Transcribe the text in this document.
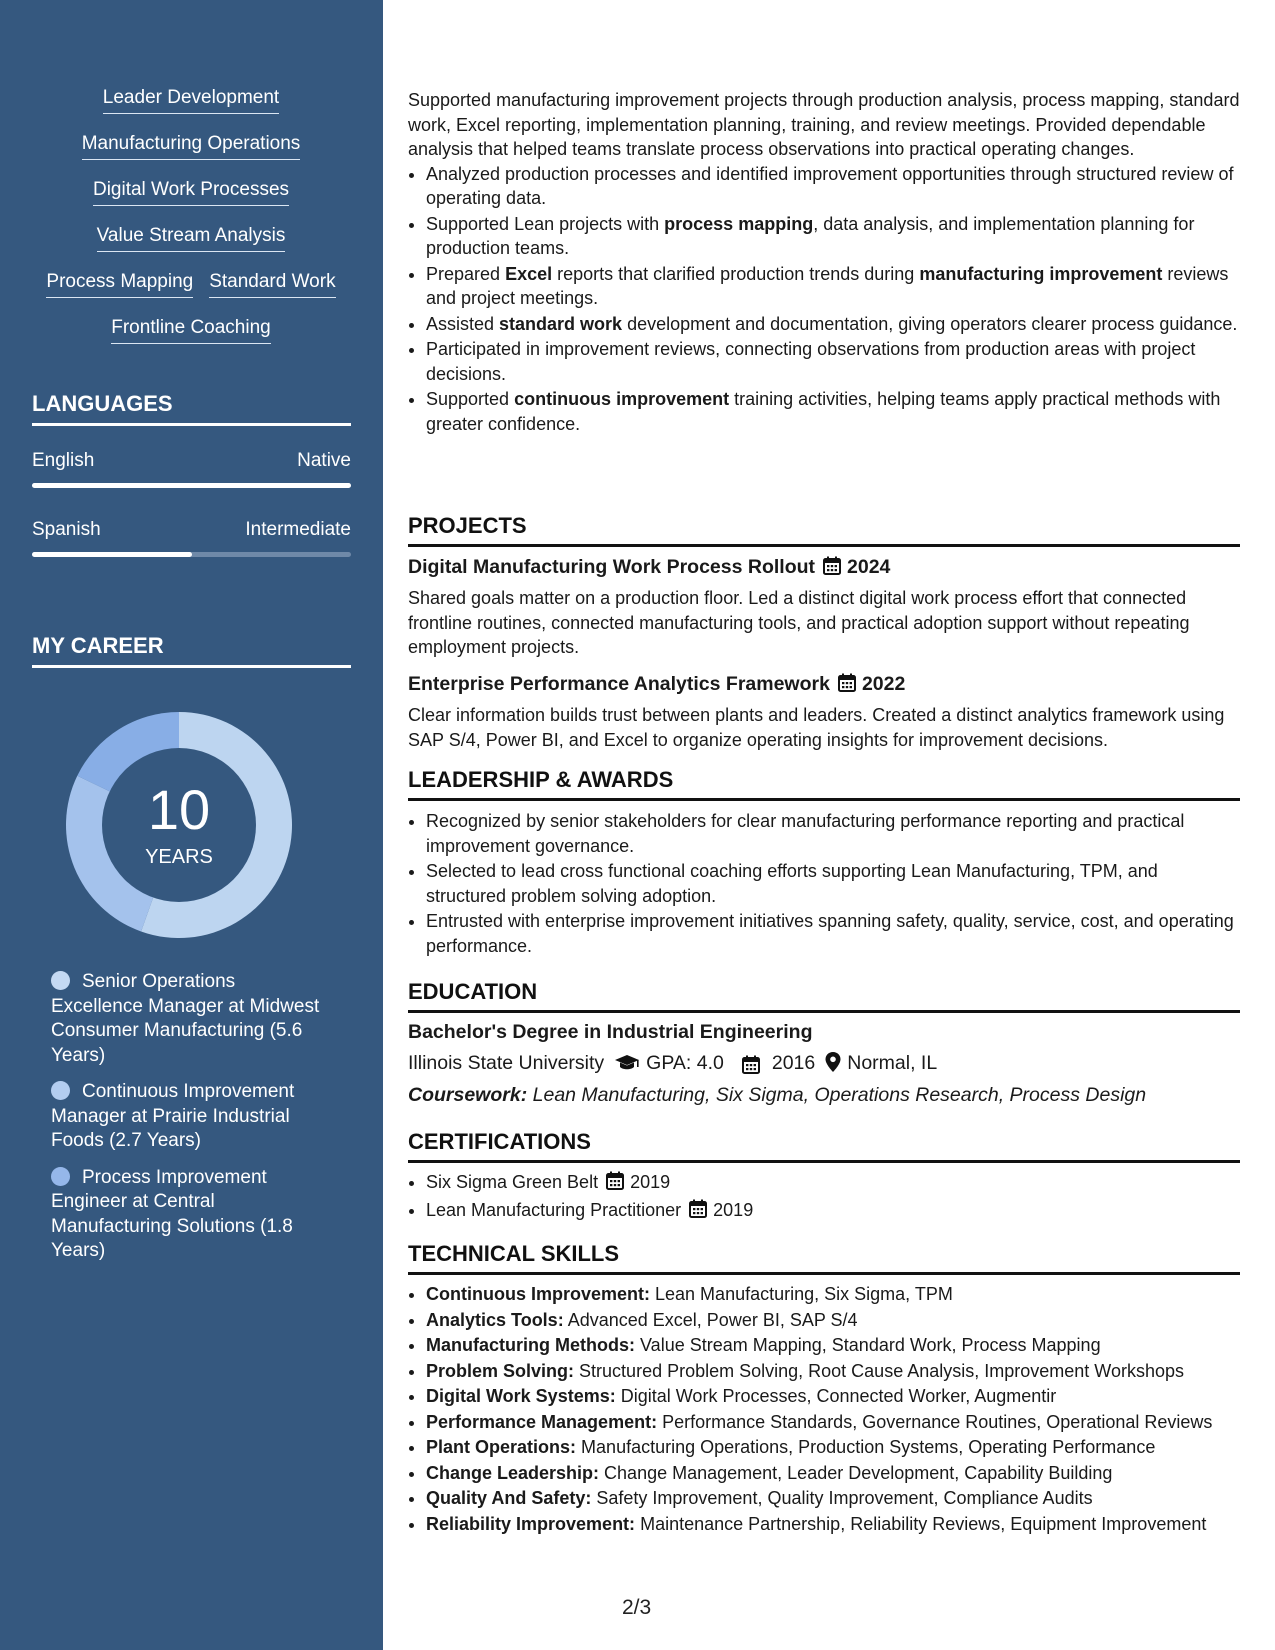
Leader Development
Manufacturing Operations
Digital Work Processes
Value Stream Analysis
Process Mapping Standard Work
Frontline Coaching
LANGUAGES
English	Native
Spanish	Intermediate
MY CAREER
10
YEARS
Senior Operations Excellence Manager at Midwest Consumer Manufacturing (5.6 Years)
Continuous Improvement Manager at Prairie Industrial Foods (2.7 Years)
Process Improvement Engineer at Central Manufacturing Solutions (1.8 Years)
Supported manufacturing improvement projects through production analysis, process mapping, standard work, Excel reporting, implementation planning, training, and review meetings. Provided dependable analysis that helped teams translate process observations into practical operating changes.
• Analyzed production processes and identified improvement opportunities through structured review of operating data.
• Supported Lean projects with process mapping, data analysis, and implementation planning for production teams.
• Prepared Excel reports that clarified production trends during manufacturing improvement reviews and project meetings.
• Assisted standard work development and documentation, giving operators clearer process guidance.
• Participated in improvement reviews, connecting observations from production areas with project decisions.
• Supported continuous improvement training activities, helping teams apply practical methods with greater confidence.
PROJECTS
Digital Manufacturing Work Process Rollout 2024
Shared goals matter on a production floor. Led a distinct digital work process effort that connected frontline routines, connected manufacturing tools, and practical adoption support without repeating employment projects.
Enterprise Performance Analytics Framework 2022
Clear information builds trust between plants and leaders. Created a distinct analytics framework using SAP S/4, Power BI, and Excel to organize operating insights for improvement decisions.
LEADERSHIP & AWARDS
• Recognized by senior stakeholders for clear manufacturing performance reporting and practical improvement governance.
• Selected to lead cross functional coaching efforts supporting Lean Manufacturing, TPM, and structured problem solving adoption.
• Entrusted with enterprise improvement initiatives spanning safety, quality, service, cost, and operating performance.
EDUCATION
Bachelor's Degree in Industrial Engineering
Illinois State University GPA: 4.0 2016 Normal, IL
Coursework: Lean Manufacturing, Six Sigma, Operations Research, Process Design
CERTIFICATIONS
• Six Sigma Green Belt 2019
• Lean Manufacturing Practitioner 2019
TECHNICAL SKILLS
• Continuous Improvement: Lean Manufacturing, Six Sigma, TPM
• Analytics Tools: Advanced Excel, Power BI, SAP S/4
• Manufacturing Methods: Value Stream Mapping, Standard Work, Process Mapping
• Problem Solving: Structured Problem Solving, Root Cause Analysis, Improvement Workshops
• Digital Work Systems: Digital Work Processes, Connected Worker, Augmentir
• Performance Management: Performance Standards, Governance Routines, Operational Reviews
• Plant Operations: Manufacturing Operations, Production Systems, Operating Performance
• Change Leadership: Change Management, Leader Development, Capability Building
• Quality And Safety: Safety Improvement, Quality Improvement, Compliance Audits
• Reliability Improvement: Maintenance Partnership, Reliability Reviews, Equipment Improvement
2/3
